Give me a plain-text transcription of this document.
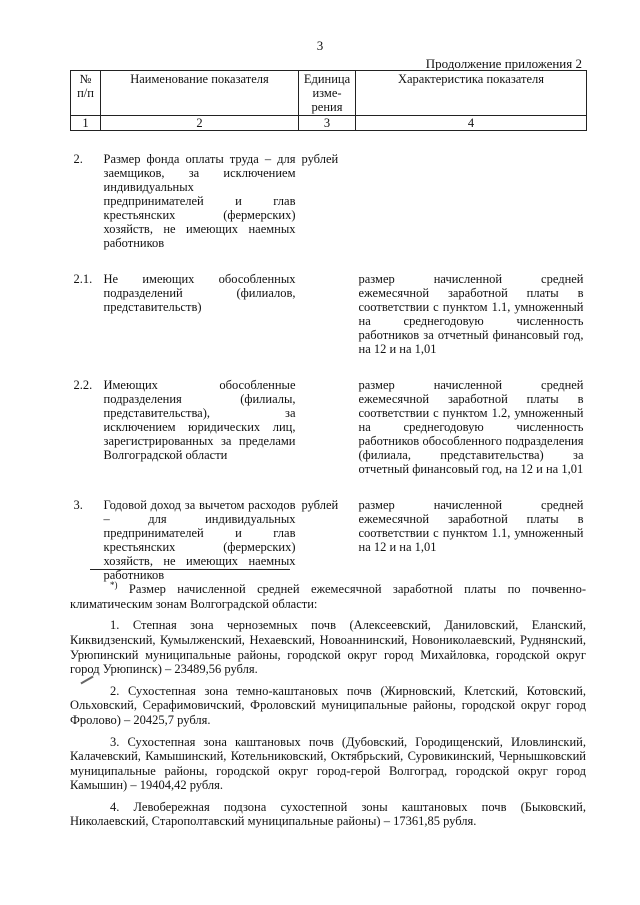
3
Продолжение приложения 2
№ п/п	Наименование показателя	Единица изме-рения	Характеристика показателя
1	2	3	4

2.	Размер фонда оплаты труда – для заемщиков, за исключением индивидуальных предпринимателей и глав крестьянских (фермерских) хозяйств, не имеющих наемных работников	рублей	

2.1.	Не имеющих обособленных подразделений (филиалов, представительств)		размер начисленной средней ежемесячной заработной платы в соответствии с пунктом 1.1, умноженный на среднегодовую численность работников за отчетный финансовый год, на 12 и на 1,01

2.2.	Имеющих обособленные подразделения (филиалы, представительства), за исключением юридических лиц, зарегистрированных за пределами Волгоградской области		размер начисленной средней ежемесячной заработной платы в соответствии с пунктом 1.2, умноженный на среднегодовую численность работников обособленного подразделения (филиала, представительства) за отчетный финансовый год, на 12 и на 1,01

3.	Годовой доход за вычетом расходов – для индивидуальных предпринимателей и глав крестьянских (фермерских) хозяйств, не имеющих наемных работников	рублей	размер начисленной средней ежемесячной заработной платы в соответствии с пунктом 1.1, умноженный на 12 и на 1,01

*) Размер начисленной средней ежемесячной заработной платы по почвенно-климатическим зонам Волгоградской области:

1. Степная зона черноземных почв (Алексеевский, Даниловский, Еланский, Киквидзенский, Кумылженский, Нехаевский, Новоаннинский, Новониколаевский, Руднянский, Урюпинский муниципальные районы, городской округ город Михайловка, городской округ город Урюпинск) – 23489,56 рубля.

2. Сухостепная зона темно-каштановых почв (Жирновский, Клетский, Котовский, Ольховский, Серафимовичский, Фроловский муниципальные районы, городской округ город Фролово) – 20425,7 рубля.

3. Сухостепная зона каштановых почв (Дубовский, Городищенский, Иловлинский, Калачевский, Камышинский, Котельниковский, Октябрьский, Суровикинский, Чернышковский муниципальные районы, городской округ город-герой Волгоград, городской округ город Камышин) – 19404,42 рубля.

4. Левобережная подзона сухостепной зоны каштановых почв (Быковский, Николаевский, Старополтавский муниципальные районы) – 17361,85 рубля.
